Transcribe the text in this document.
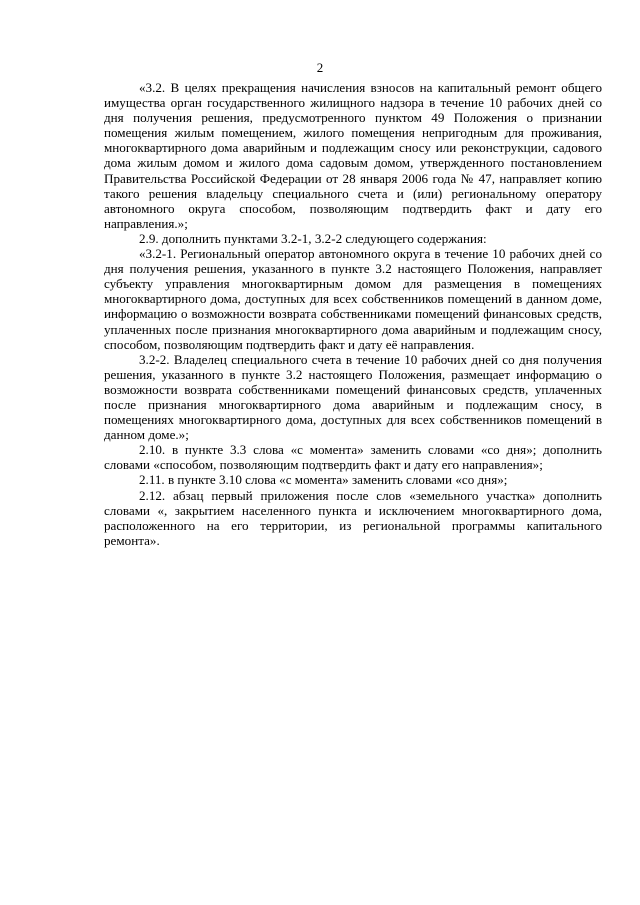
2

«3.2. В целях прекращения начисления взносов на капитальный ремонт общего имущества орган государственного жилищного надзора в течение 10 рабочих дней со дня получения решения, предусмотренного пунктом 49 Положения о признании помещения жилым помещением, жилого помещения непригодным для проживания, многоквартирного дома аварийным и подлежащим сносу или реконструкции, садового дома жилым домом и жилого дома садовым домом, утвержденного постановлением Правительства Российской Федерации от 28 января 2006 года № 47, направляет копию такого решения владельцу специального счета и (или) региональному оператору автономного округа способом, позволяющим подтвердить факт и дату его направления.»;

2.9. дополнить пунктами 3.2-1, 3.2-2 следующего содержания:

«3.2-1. Региональный оператор автономного округа в течение 10 рабочих дней со дня получения решения, указанного в пункте 3.2 настоящего Положения, направляет субъекту управления многоквартирным домом для размещения в помещениях многоквартирного дома, доступных для всех собственников помещений в данном доме, информацию о возможности возврата собственниками помещений финансовых средств, уплаченных после признания многоквартирного дома аварийным и подлежащим сносу, способом, позволяющим подтвердить факт и дату её направления.

3.2-2. Владелец специального счета в течение 10 рабочих дней со дня получения решения, указанного в пункте 3.2 настоящего Положения, размещает информацию о возможности возврата собственниками помещений финансовых средств, уплаченных после признания многоквартирного дома аварийным и подлежащим сносу, в помещениях многоквартирного дома, доступных для всех собственников помещений в данном доме.»;

2.10. в пункте 3.3 слова «с момента» заменить словами «со дня»; дополнить словами «способом, позволяющим подтвердить факт и дату его направления»;

2.11. в пункте 3.10 слова «с момента» заменить словами «со дня»;

2.12. абзац первый приложения после слов «земельного участка» дополнить словами «, закрытием населенного пункта и исключением многоквартирного дома, расположенного на его территории, из региональной программы капитального ремонта».
